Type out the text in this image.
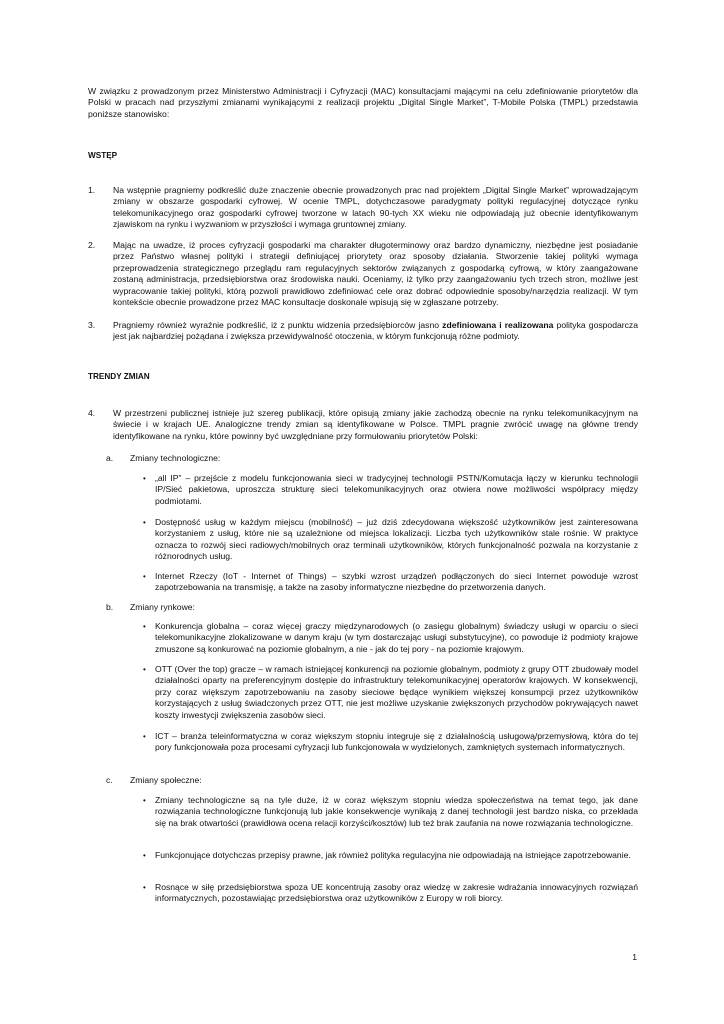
W związku z prowadzonym przez Ministerstwo Administracji i Cyfryzacji (MAC) konsultacjami mającymi na celu zdefiniowanie priorytetów dla Polski w pracach nad przyszłymi zmianami wynikającymi z realizacji projektu „Digital Single Market”, T-Mobile Polska (TMPL) przedstawia poniższe stanowisko:

WSTĘP
1.	Na wstępnie pragniemy podkreślić duże znaczenie obecnie prowadzonych prac nad projektem „Digital Single Market” wprowadzającym zmiany w obszarze gospodarki cyfrowej. W ocenie TMPL, dotychczasowe paradygmaty polityki regulacyjnej dotyczące rynku telekomunikacyjnego oraz gospodarki cyfrowej tworzone w latach 90-tych XX wieku nie odpowiadają już obecnie identyfikowanym zjawiskom na rynku i wyzwaniom w przyszłości i wymaga gruntownej zmiany.

2.	Mając na uwadze, iż proces cyfryzacji gospodarki ma charakter długoterminowy oraz bardzo dynamiczny, niezbędne jest posiadanie przez Państwo własnej polityki i strategii definiującej priorytety oraz sposoby działania. Stworzenie takiej polityki wymaga przeprowadzenia strategicznego przeglądu ram regulacyjnych sektorów związanych z gospodarką cyfrową, w który zaangażowane zostaną administracja, przedsiębiorstwa oraz środowiska nauki. Oceniamy, iż tylko przy zaangażowaniu tych trzech stron, możliwe jest wypracowanie takiej polityki, którą pozwoli prawidłowo zdefiniować cele oraz dobrać odpowiednie sposoby/narzędzia realizacji. W tym kontekście obecnie prowadzone przez MAC konsultacje doskonale wpisują się w zgłaszane potrzeby.

3.	Pragniemy również wyraźnie podkreślić, iż z punktu widzenia przedsiębiorców jasno zdefiniowana i realizowana polityka gospodarcza jest jak najbardziej pożądana i zwiększa przewidywalność otoczenia, w którym funkcjonują różne podmioty.

TRENDY ZMIAN
4.	W przestrzeni publicznej istnieje już szereg publikacji, które opisują zmiany jakie zachodzą obecnie na rynku telekomunikacyjnym na świecie i w krajach UE. Analogiczne trendy zmian są identyfikowane w Polsce. TMPL pragnie zwrócić uwagę na główne trendy identyfikowane na rynku, które powinny być uwzględniane przy formułowaniu priorytetów Polski:

a. Zmiany technologiczne:
• „all IP” – przejście z modelu funkcjonowania sieci w tradycyjnej technologii PSTN/Komutacja łączy w kierunku technologii IP/Sieć pakietowa, uproszcza strukturę sieci telekomunikacyjnych oraz otwiera nowe możliwości współpracy między podmiotami.

• Dostępność usług w każdym miejscu (mobilność) – już dziś zdecydowana większość użytkowników jest zainteresowana korzystaniem z usług, które nie są uzależnione od miejsca lokalizacji. Liczba tych użytkowników stale rośnie. W praktyce oznacza to rozwój sieci radiowych/mobilnych oraz terminali użytkowników, których funkcjonalność pozwala na korzystanie z różnorodnych usług.

• Internet Rzeczy (IoT - Internet of Things) – szybki wzrost urządzeń podłączonych do sieci Internet powoduje wzrost zapotrzebowania na transmisję, a także na zasoby informatyczne niezbędne do przetworzenia danych.

b. Zmiany rynkowe:
• Konkurencja globalna – coraz więcej graczy międzynarodowych (o zasięgu globalnym) świadczy usługi w oparciu o sieci telekomunikacyjne zlokalizowane w danym kraju (w tym dostarczając usługi substytucyjne), co powoduje iż podmioty krajowe zmuszone są konkurować na poziomie globalnym, a nie - jak do tej pory - na poziomie krajowym.

• OTT (Over the top) gracze – w ramach istniejącej konkurencji na poziomie globalnym, podmioty z grupy OTT zbudowały model działalności oparty na preferencyjnym dostępie do infrastruktury telekomunikacyjnej operatorów krajowych. W konsekwencji, przy coraz większym zapotrzebowaniu na zasoby sieciowe będące wynikiem większej konsumpcji przez użytkowników korzystających z usług świadczonych przez OTT, nie jest możliwe uzyskanie zwiększonych przychodów pokrywających nawet koszty inwestycji zwiększenia zasobów sieci.

• ICT – branża teleinformatyczna w coraz większym stopniu integruje się z działalnością usługową/przemysłową, która do tej pory funkcjonowała poza procesami cyfryzacji lub funkcjonowała w wydzielonych, zamkniętych systemach informatycznych.

c. Zmiany społeczne:
• Zmiany technologiczne są na tyle duże, iż w coraz większym stopniu wiedza społeczeństwa na temat tego, jak dane rozwiązania technologiczne funkcjonują lub jakie konsekwencje wynikają z danej technologii jest bardzo niska, co przekłada się na brak otwartości (prawidłowa ocena relacji korzyści/kosztów) lub też brak zaufania na nowe rozwiązania technologiczne.

• Funkcjonujące dotychczas przepisy prawne, jak również polityka regulacyjna nie odpowiadają na istniejące zapotrzebowanie.

• Rosnące w siłę przedsiębiorstwa spoza UE koncentrują zasoby oraz wiedzę w zakresie wdrażania innowacyjnych rozwiązań informatycznych, pozostawiając przedsiębiorstwa oraz użytkowników z Europy w roli biorcy.

1
